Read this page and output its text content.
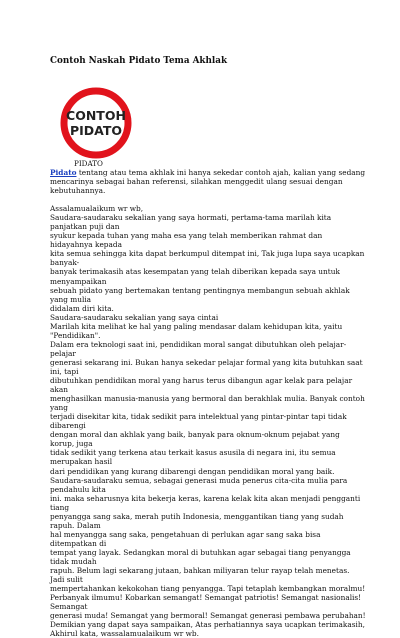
Contoh Naskah Pidato Tema Akhlak
CONTOH
PIDATO
PIDATO

Pidato tentang atau tema akhlak ini hanya sekedar contoh ajah, kalian yang sedang

mencarinya sebagai bahan referensi, silahkan menggedit ulang sesuai dengan kebutuhannya.

Assalamualaikum wr wb,

Saudara-saudaraku sekalian yang saya hormati, pertama-tama marilah kita panjatkan puji dan

syukur kepada tuhan yang maha esa yang telah memberikan rahmat dan hidayahnya kepada

kita semua sehingga kita dapat berkumpul ditempat ini, Tak juga lupa saya ucapkan banyak-

banyak terimakasih atas kesempatan yang telah diberikan kepada saya untuk menyampaikan

sebuah pidato yang bertemakan tentang pentingnya membangun sebuah akhlak yang mulia

didalam diri kita.

Saudara-saudaraku sekalian yang saya cintai

Marilah kita melihat ke hal yang paling mendasar dalam kehidupan kita, yaitu "Pendidikan".

Dalam era teknologi saat ini, pendidikan moral sangat dibutuhkan oleh pelajar-pelajar

generasi sekarang ini. Bukan hanya sekedar pelajar formal yang kita butuhkan saat ini, tapi

dibutuhkan pendidikan moral yang harus terus dibangun agar kelak para pelajar akan

menghasilkan manusia-manusia yang bermoral dan berakhlak mulia. Banyak contoh yang

terjadi disekitar kita, tidak sedikit para intelektual yang pintar-pintar tapi tidak dibarengi

dengan moral dan akhlak yang baik, banyak para oknum-oknum pejabat yang korup, juga

tidak sedikit yang terkena atau terkait kasus asusila di negara ini, itu semua merupakan hasil

dari pendidikan yang kurang dibarengi dengan pendidikan moral yang baik.

Saudara-saudaraku semua, sebagai generasi muda penerus cita-cita mulia para pendahulu kita

ini. maka seharusnya kita bekerja keras, karena kelak kita akan menjadi pengganti tiang

penyangga sang saka, merah putih Indonesia, menggantikan tiang yang sudah rapuh. Dalam

hal menyangga sang saka, pengetahuan di perlukan agar sang saka bisa ditempatkan di

tempat yang layak. Sedangkan moral di butuhkan agar sebagai tiang penyangga tidak mudah

rapuh. Belum lagi sekarang jutaan, bahkan miliyaran telur rayap telah menetas. Jadi sulit

mempertahankan kekokohan tiang penyangga. Tapi tetaplah kembangkan moralmu!

Perbanyak ilmumu! Kobarkan semangat! Semangat patriotis! Semangat nasionalis! Semangat

generasi muda! Semangat yang bermoral! Semangat generasi pembawa perubahan!

Demikian yang dapat saya sampaikan, Atas perhatiannya saya ucapkan terimakasih,

Akhirul kata, wassalamualaikum wr wb.
